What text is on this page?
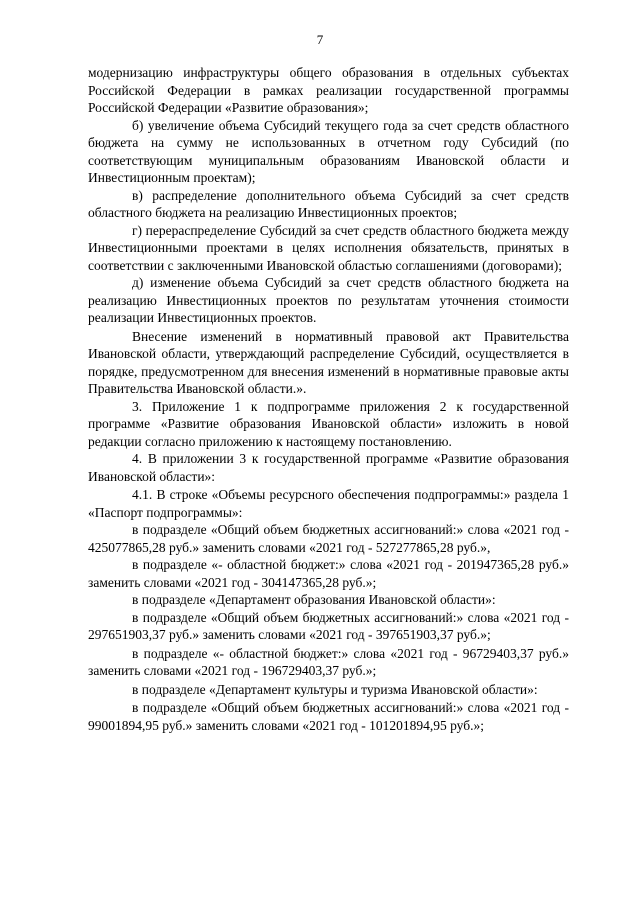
7

модернизацию инфраструктуры общего образования в отдельных субъектах Российской Федерации в рамках реализации государственной программы Российской Федерации «Развитие образования»;

б) увеличение объема Субсидий текущего года за счет средств областного бюджета на сумму не использованных в отчетном году Субсидий (по соответствующим муниципальным образованиям Ивановской области и Инвестиционным проектам);

в) распределение дополнительного объема Субсидий за счет средств областного бюджета на реализацию Инвестиционных проектов;

г) перераспределение Субсидий за счет средств областного бюджета между Инвестиционными проектами в целях исполнения обязательств, принятых в соответствии с заключенными Ивановской областью соглашениями (договорами);

д) изменение объема Субсидий за счет средств областного бюджета на реализацию Инвестиционных проектов по результатам уточнения стоимости реализации Инвестиционных проектов.

Внесение изменений в нормативный правовой акт Правительства Ивановской области, утверждающий распределение Субсидий, осуществляется в порядке, предусмотренном для внесения изменений в нормативные правовые акты Правительства Ивановской области.».

3. Приложение 1 к подпрограмме приложения 2 к государственной программе «Развитие образования Ивановской области» изложить в новой редакции согласно приложению к настоящему постановлению.

4. В приложении 3 к государственной программе «Развитие образования Ивановской области»:

4.1. В строке «Объемы ресурсного обеспечения подпрограммы:» раздела 1 «Паспорт подпрограммы»:

в подразделе «Общий объем бюджетных ассигнований:» слова «2021 год - 425077865,28 руб.» заменить словами «2021 год - 527277865,28 руб.»,

в подразделе «- областной бюджет:» слова «2021 год - 201947365,28 руб.» заменить словами «2021 год - 304147365,28 руб.»;

в подразделе «Департамент образования Ивановской области»:

в подразделе «Общий объем бюджетных ассигнований:» слова «2021 год - 297651903,37 руб.» заменить словами «2021 год - 397651903,37 руб.»;

в подразделе «- областной бюджет:» слова «2021 год - 96729403,37 руб.» заменить словами «2021 год - 196729403,37 руб.»;

в подразделе «Департамент культуры и туризма Ивановской области»:

в подразделе «Общий объем бюджетных ассигнований:» слова «2021 год - 99001894,95 руб.» заменить словами «2021 год - 101201894,95 руб.»;
